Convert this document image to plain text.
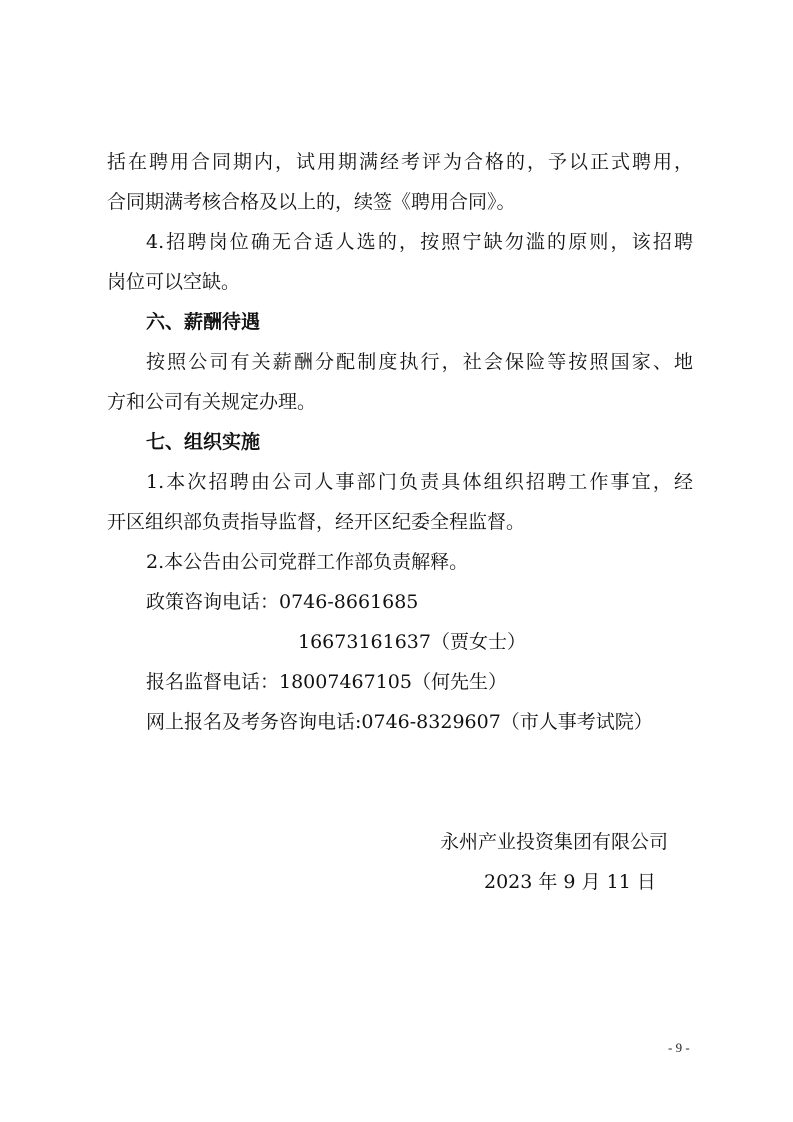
括在聘用合同期内，试用期满经考评为合格的，予以正式聘用，
合同期满考核合格及以上的，续签《聘用合同》。
4.招聘岗位确无合适人选的，按照宁缺勿滥的原则，该招聘
岗位可以空缺。
六、薪酬待遇
按照公司有关薪酬分配制度执行，社会保险等按照国家、地
方和公司有关规定办理。
七、组织实施
1.本次招聘由公司人事部门负责具体组织招聘工作事宜，经
开区组织部负责指导监督，经开区纪委全程监督。
2.本公告由公司党群工作部负责解释。
政策咨询电话：0746-8661685
16673161637（贾女士）
报名监督电话：18007467105（何先生）
网上报名及考务咨询电话:0746-8329607（市人事考试院）
永州产业投资集团有限公司
2023 年 9 月 11 日
- 9 -
